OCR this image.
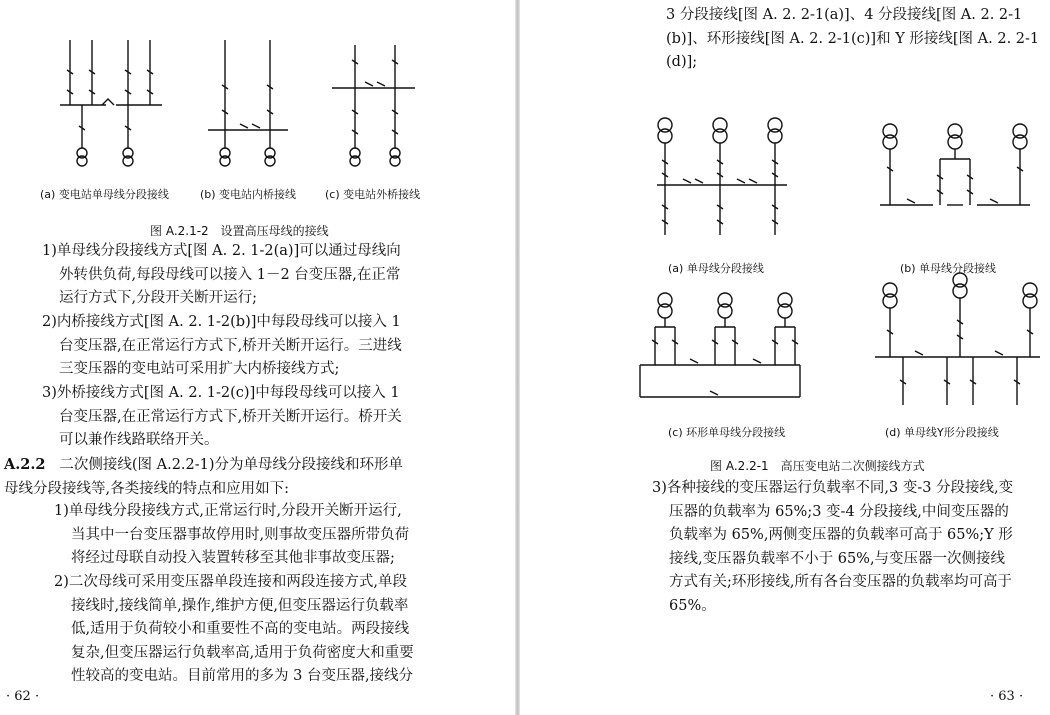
(a) 变电站单母线分段接线	(b) 变电站内桥接线	(c) 变电站外桥接线
图 A.2.1-2　设置高压母线的接线
1)单母线分段接线方式[图 A. 2. 1-2(a)]可以通过母线向
外转供负荷,每段母线可以接入 1－2 台变压器,在正常
运行方式下,分段开关断开运行;
2)内桥接线方式[图 A. 2. 1-2(b)]中每段母线可以接入 1
台变压器,在正常运行方式下,桥开关断开运行。三进线
三变压器的变电站可采用扩大内桥接线方式;
3)外桥接线方式[图 A. 2. 1-2(c)]中每段母线可以接入 1
台变压器,在正常运行方式下,桥开关断开运行。桥开关
可以兼作线路联络开关。
A.2.2 二次侧接线(图 A.2.2-1)分为单母线分段接线和环形单
母线分段接线等,各类接线的特点和应用如下:
1)单母线分段接线方式,正常运行时,分段开关断开运行,
当其中一台变压器事故停用时,则事故变压器所带负荷
将经过母联自动投入装置转移至其他非事故变压器;
2)二次母线可采用变压器单段连接和两段连接方式,单段
接线时,接线简单,操作,维护方便,但变压器运行负载率
低,适用于负荷较小和重要性不高的变电站。两段接线
复杂,但变压器运行负载率高,适用于负荷密度大和重要
性较高的变电站。目前常用的多为 3 台变压器,接线分
· 62 ·
3 分段接线[图 A. 2. 2-1(a)]、4 分段接线[图 A. 2. 2-1
(b)]、环形接线[图 A. 2. 2-1(c)]和 Y 形接线[图 A. 2. 2-1
(d)];
(a) 单母线分段接线	(b) 单母线分段接线
(c) 环形单母线分段接线	(d) 单母线Y形分段接线
图 A.2.2-1　高压变电站二次侧接线方式
3)各种接线的变压器运行负载率不同,3 变-3 分段接线,变
压器的负载率为 65%;3 变-4 分段接线,中间变压器的
负载率为 65%,两侧变压器的负载率可高于 65%;Y 形
接线,变压器负载率不小于 65%,与变压器一次侧接线
方式有关;环形接线,所有各台变压器的负载率均可高于
65%。
· 63 ·
